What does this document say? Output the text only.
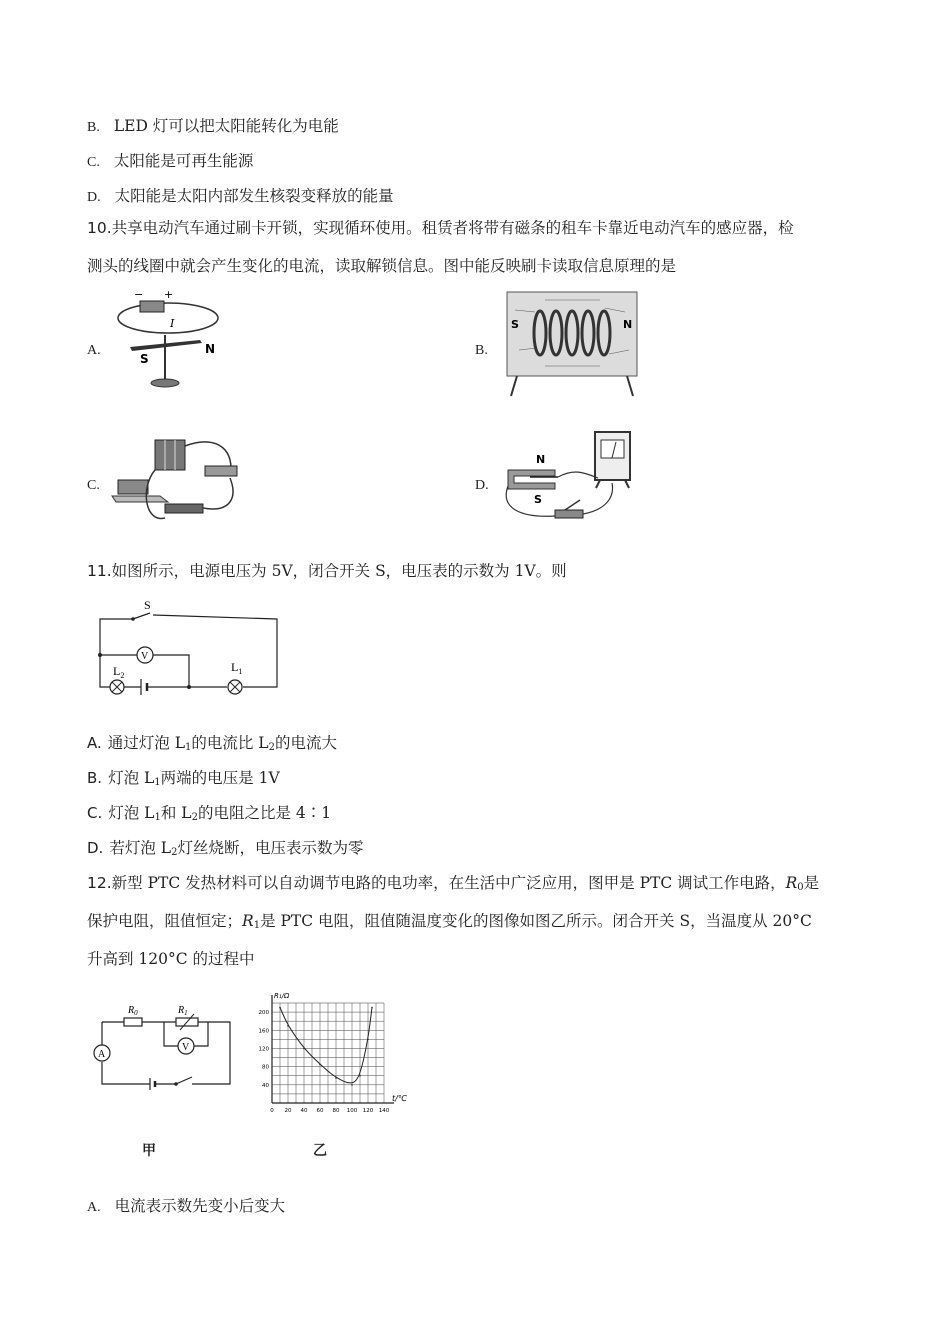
B. LED 灯可以把太阳能转化为电能
C. 太阳能是可再生能源
D. 太阳能是太阳内部发生核裂变释放的能量
10.共享电动汽车通过刷卡开锁，实现循环使用。租赁者将带有磁条的租车卡靠近电动汽车的感应器，检
测头的线圈中就会产生变化的电流，读取解锁信息。图中能反映刷卡读取信息原理的是
A.	B.
C.	D.
− +
I
S
N
S	N
N
S
11.如图所示，电源电压为 5V，闭合开关 S，电压表的示数为 1V。则
S
V
$L_2$
$L_1$
A. 通过灯泡 $L_1$的电流比 $L_2$的电流大
B. 灯泡 $L_1$两端的电压是 1V
C. 灯泡 $L_1$和 $L_2$的电阻之比是 4∶1
D. 若灯泡 $L_2$灯丝烧断，电压表示数为零
12.新型 PTC 发热材料可以自动调节电路的电功率，在生活中广泛应用，图甲是 PTC 调试工作电路，$R_0$是
保护电阻，阻值恒定；$R_1$是 PTC 电阻，阻值随温度变化的图像如图乙所示。闭合开关 S，当温度从 20°C
升高到 120°C 的过程中
$R_0$	$R_1$
V
A
40
80
120
160
200
0 20 40 60 80 100 120 140
R₁/Ω
t/℃
甲	乙
A. 电流表示数先变小后变大
